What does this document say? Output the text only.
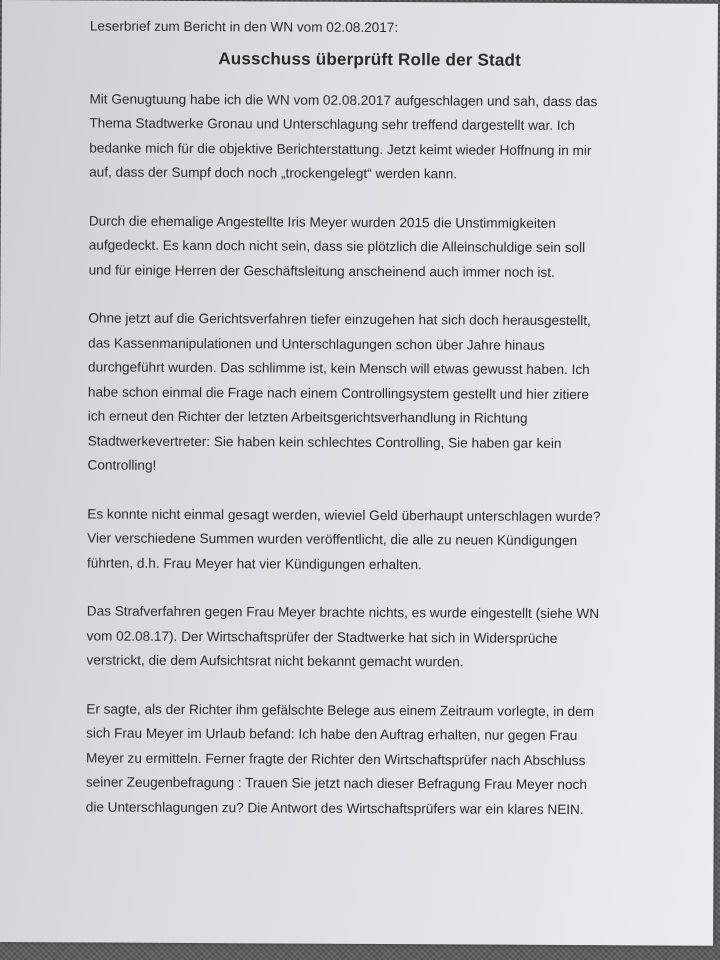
Leserbrief zum Bericht in den WN vom 02.08.2017:
Ausschuss überprüft Rolle der Stadt
Mit Genugtuung habe ich die WN vom 02.08.2017 aufgeschlagen und sah, dass das
Thema Stadtwerke Gronau und Unterschlagung sehr treffend dargestellt war. Ich
bedanke mich für die objektive Berichterstattung. Jetzt keimt wieder Hoffnung in mir
auf, dass der Sumpf doch noch „trockengelegt“ werden kann.
Durch die ehemalige Angestellte Iris Meyer wurden 2015 die Unstimmigkeiten
aufgedeckt. Es kann doch nicht sein, dass sie plötzlich die Alleinschuldige sein soll
und für einige Herren der Geschäftsleitung anscheinend auch immer noch ist.
Ohne jetzt auf die Gerichtsverfahren tiefer einzugehen hat sich doch herausgestellt,
das Kassenmanipulationen und Unterschlagungen schon über Jahre hinaus
durchgeführt wurden. Das schlimme ist, kein Mensch will etwas gewusst haben. Ich
habe schon einmal die Frage nach einem Controllingsystem gestellt und hier zitiere
ich erneut den Richter der letzten Arbeitsgerichtsverhandlung in Richtung
Stadtwerkevertreter: Sie haben kein schlechtes Controlling, Sie haben gar kein
Controlling!
Es konnte nicht einmal gesagt werden, wieviel Geld überhaupt unterschlagen wurde?
Vier verschiedene Summen wurden veröffentlicht, die alle zu neuen Kündigungen
führten, d.h. Frau Meyer hat vier Kündigungen erhalten.
Das Strafverfahren gegen Frau Meyer brachte nichts, es wurde eingestellt (siehe WN
vom 02.08.17). Der Wirtschaftsprüfer der Stadtwerke hat sich in Widersprüche
verstrickt, die dem Aufsichtsrat nicht bekannt gemacht wurden.
Er sagte, als der Richter ihm gefälschte Belege aus einem Zeitraum vorlegte, in dem
sich Frau Meyer im Urlaub befand: Ich habe den Auftrag erhalten, nur gegen Frau
Meyer zu ermitteln. Ferner fragte der Richter den Wirtschaftsprüfer nach Abschluss
seiner Zeugenbefragung : Trauen Sie jetzt nach dieser Befragung Frau Meyer noch
die Unterschlagungen zu? Die Antwort des Wirtschaftsprüfers war ein klares NEIN.
